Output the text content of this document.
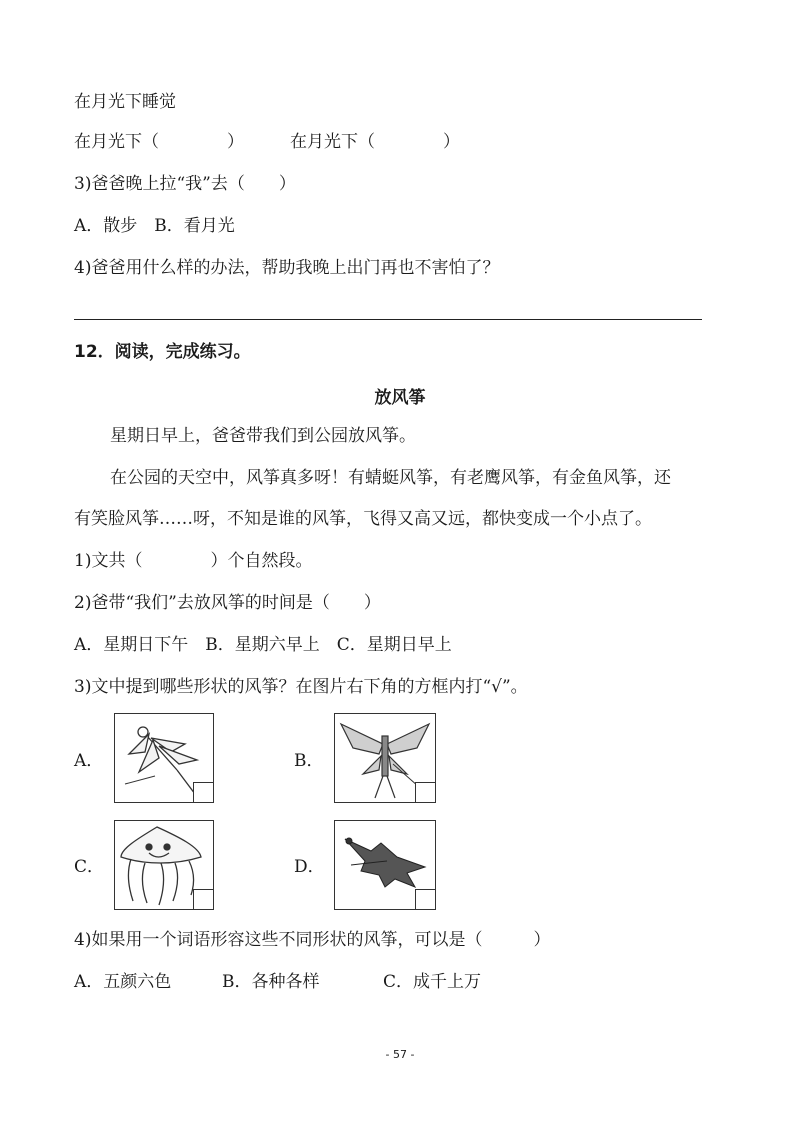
在月光下睡觉
在月光下（　　　　）	在月光下（　　　　）
3)爸爸晚上拉“我”去（　　）
A．散步　B．看月光
4)爸爸用什么样的办法，帮助我晚上出门再也不害怕了？
12．阅读，完成练习。
放风筝
星期日早上，爸爸带我们到公园放风筝。
在公园的天空中，风筝真多呀！有蜻蜓风筝，有老鹰风筝，有金鱼风筝，还
有笑脸风筝……呀，不知是谁的风筝，飞得又高又远，都快变成一个小点了。
1)文共（　　　　）个自然段。
2)爸带“我们”去放风筝的时间是（　　）
A．星期日下午　B．星期六早上　C．星期日早上
3)文中提到哪些形状的风筝？在图片右下角的方框内打“√”。
A．	B．
C．	D．
4)如果用一个词语形容这些不同形状的风筝，可以是（　　　）
A．五颜六色	B．各种各样	C．成千上万
- 57 -
